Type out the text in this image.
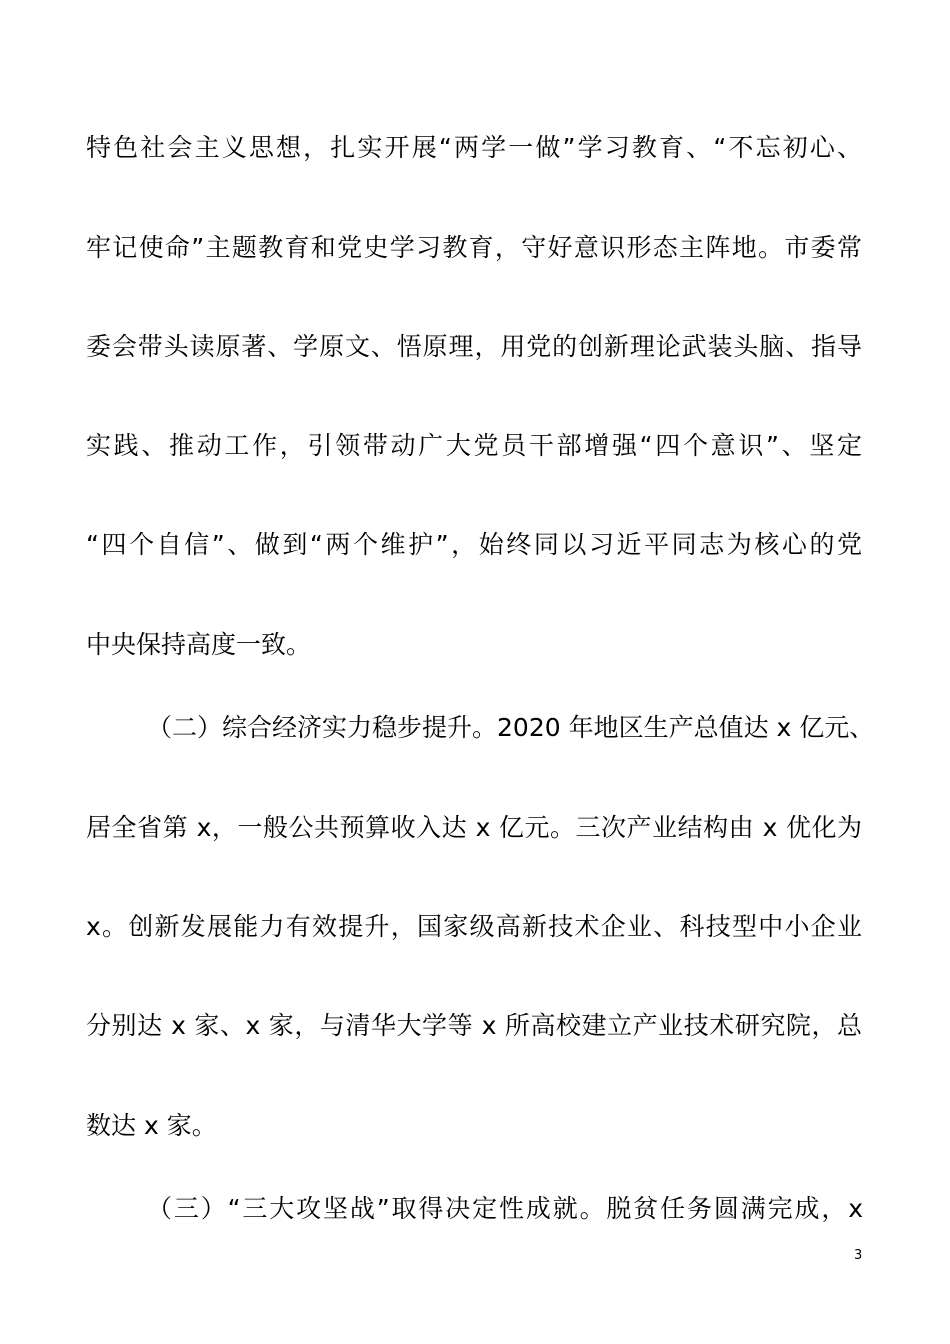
特色社会主义思想，扎实开展“两学一做”学习教育、“不忘初心、
牢记使命”主题教育和党史学习教育，守好意识形态主阵地。市委常
委会带头读原著、学原文、悟原理，用党的创新理论武装头脑、指导
实践、推动工作，引领带动广大党员干部增强“四个意识”、坚定
“四个自信”、做到“两个维护”，始终同以习近平同志为核心的党
中央保持高度一致。
（二）综合经济实力稳步提升。2020 年地区生产总值达 x 亿元、
居全省第 x，一般公共预算收入达 x 亿元。三次产业结构由 x 优化为
x。创新发展能力有效提升，国家级高新技术企业、科技型中小企业
分别达 x 家、x 家，与清华大学等 x 所高校建立产业技术研究院，总
数达 x 家。
（三）“三大攻坚战”取得决定性成就。脱贫任务圆满完成，x
3
